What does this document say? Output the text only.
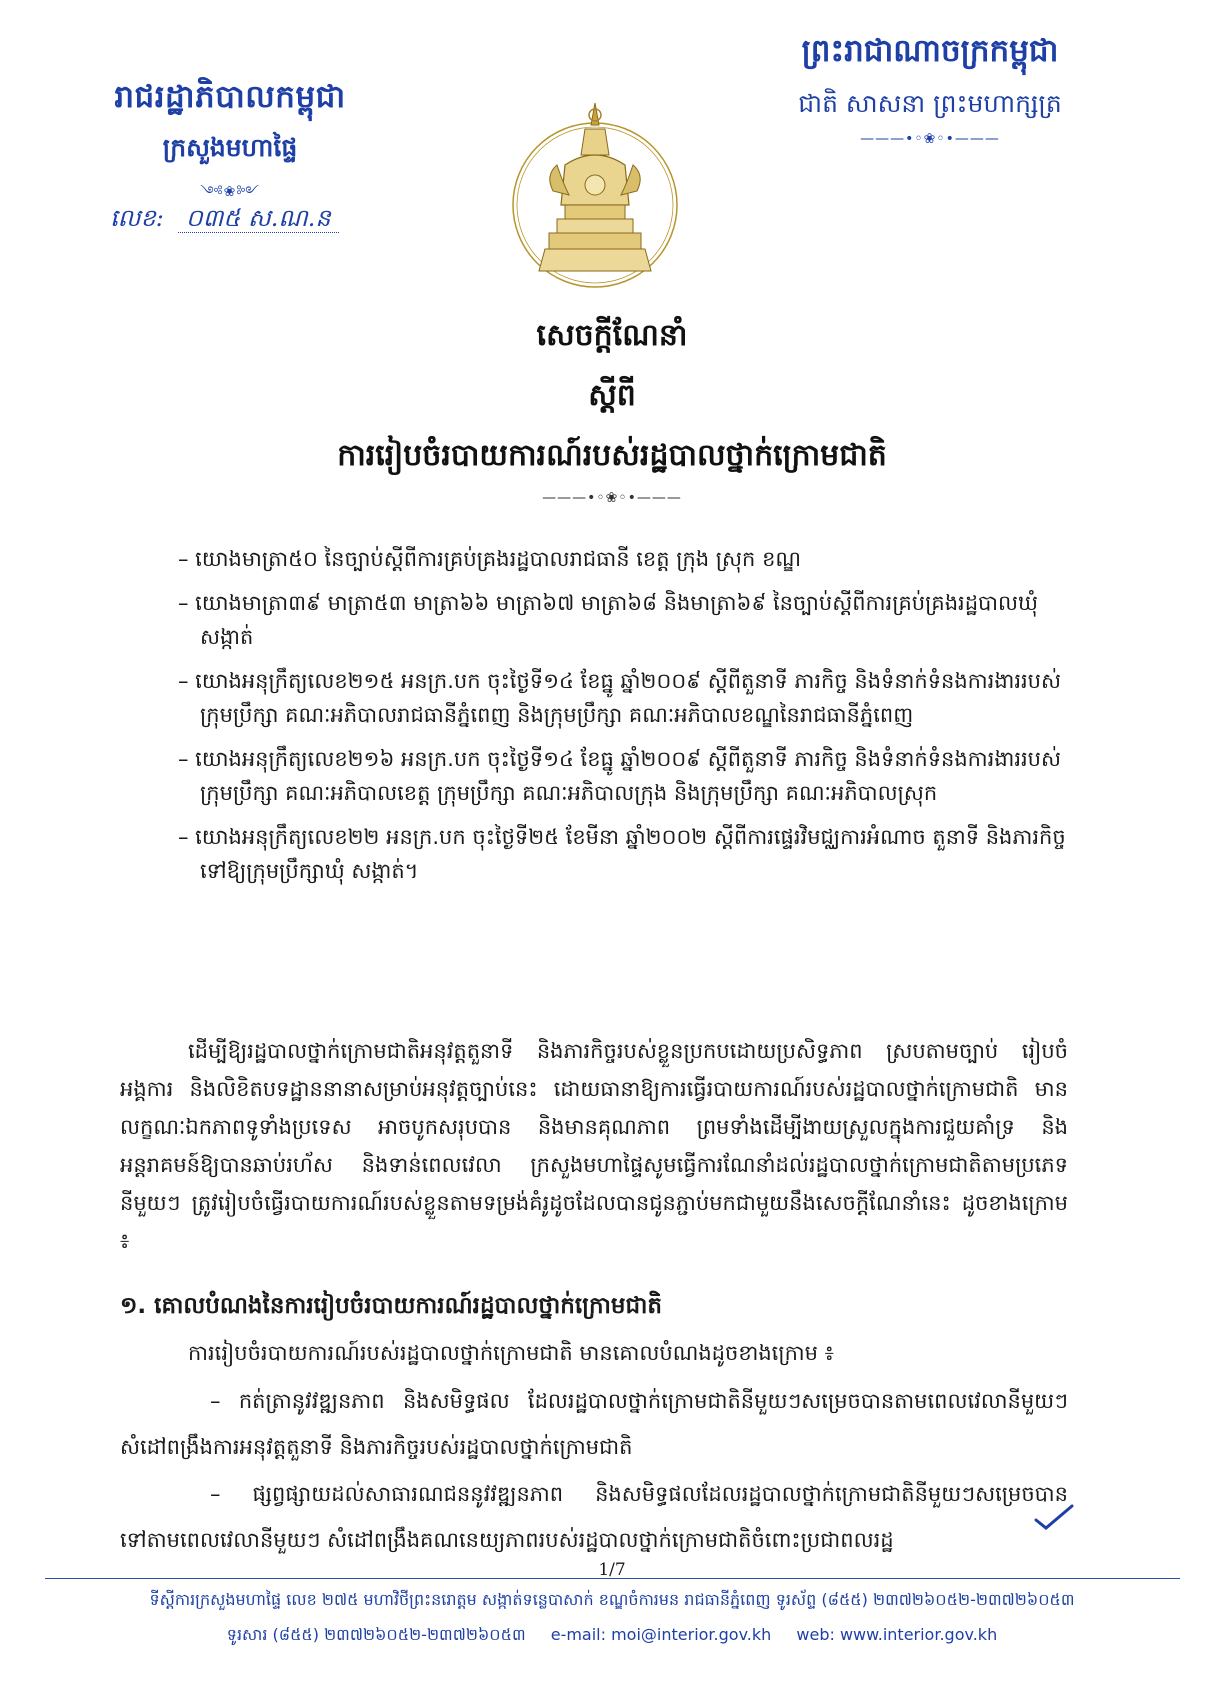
រាជរដ្ឋាភិបាលកម្ពុជា
ក្រសួងមហាផ្ទៃ
༺❀༻
លេខ: ០៣៥ ស.ណ.ន
ព្រះរាជាណាចក្រកម្ពុជា
ជាតិ សាសនា ព្រះមហាក្សត្រ
———•◦❀◦•———
សេចក្ដីណែនាំ
ស្ដីពី
ការរៀបចំរបាយការណ៍របស់រដ្ឋបាលថ្នាក់ក្រោមជាតិ
———•◦❀◦•———
– យោងមាត្រា៥០ នៃច្បាប់ស្ដីពីការគ្រប់គ្រងរដ្ឋបាលរាជធានី ខេត្ត ក្រុង ស្រុក ខណ្ឌ
– យោងមាត្រា៣៩ មាត្រា៥៣ មាត្រា៦៦ មាត្រា៦៧ មាត្រា៦៨ និងមាត្រា៦៩ នៃច្បាប់ស្ដីពីការគ្រប់គ្រងរដ្ឋបាលឃុំ សង្កាត់
– យោងអនុក្រឹត្យលេខ២១៥ អនក្រ.បក ចុះថ្ងៃទី១៤ ខែធ្នូ ឆ្នាំ២០០៩ ស្ដីពីតួនាទី ភារកិច្ច និងទំនាក់ទំនងការងាររបស់ក្រុមប្រឹក្សា គណៈអភិបាលរាជធានីភ្នំពេញ និងក្រុមប្រឹក្សា គណៈអភិបាលខណ្ឌនៃរាជធានីភ្នំពេញ
– យោងអនុក្រឹត្យលេខ២១៦ អនក្រ.បក ចុះថ្ងៃទី១៤ ខែធ្នូ ឆ្នាំ២០០៩ ស្ដីពីតួនាទី ភារកិច្ច និងទំនាក់ទំនងការងាររបស់ក្រុមប្រឹក្សា គណៈអភិបាលខេត្ត ក្រុមប្រឹក្សា គណៈអភិបាលក្រុង និងក្រុមប្រឹក្សា គណៈអភិបាលស្រុក
– យោងអនុក្រឹត្យលេខ២២ អនក្រ.បក ចុះថ្ងៃទី២៥ ខែមីនា ឆ្នាំ២០០២ ស្ដីពីការផ្ទេរវិមជ្ឈការអំណាច តួនាទី និងភារកិច្ចទៅឱ្យក្រុមប្រឹក្សាឃុំ សង្កាត់។
ដើម្បីឱ្យរដ្ឋបាលថ្នាក់ក្រោមជាតិអនុវត្តតួនាទី និងភារកិច្ចរបស់ខ្លួនប្រកបដោយប្រសិទ្ធភាព ស្របតាមច្បាប់ រៀបចំអង្គការ និងលិខិតបទដ្ឋាននានាសម្រាប់អនុវត្តច្បាប់នេះ ដោយធានាឱ្យការធ្វើរបាយការណ៍របស់រដ្ឋបាលថ្នាក់ក្រោមជាតិ មានលក្ខណៈឯកភាពទូទាំងប្រទេស អាចបូកសរុបបាន និងមានគុណភាព ព្រមទាំងដើម្បីងាយស្រួលក្នុងការជួយគាំទ្រ និងអន្តរាគមន៍ឱ្យបានឆាប់រហ័ស និងទាន់ពេលវេលា ក្រសួងមហាផ្ទៃសូមធ្វើការណែនាំដល់រដ្ឋបាលថ្នាក់ក្រោមជាតិតាមប្រភេទនីមួយៗ ត្រូវរៀបចំធ្វើរបាយការណ៍របស់ខ្លួនតាមទម្រង់គំរូដូចដែលបានជូនភ្ជាប់មកជាមួយនឹងសេចក្ដីណែនាំនេះ ដូចខាងក្រោម ៖
១. គោលបំណងនៃការរៀបចំរបាយការណ៍រដ្ឋបាលថ្នាក់ក្រោមជាតិ
ការរៀបចំរបាយការណ៍របស់រដ្ឋបាលថ្នាក់ក្រោមជាតិ មានគោលបំណងដូចខាងក្រោម ៖
– កត់ត្រានូវវឌ្ឍនភាព និងសមិទ្ធផល ដែលរដ្ឋបាលថ្នាក់ក្រោមជាតិនីមួយៗសម្រេចបានតាមពេលវេលានីមួយៗ សំដៅពង្រឹងការអនុវត្តតួនាទី និងភារកិច្ចរបស់រដ្ឋបាលថ្នាក់ក្រោមជាតិ
– ផ្សព្វផ្សាយដល់សាធារណជននូវវឌ្ឍនភាព និងសមិទ្ធផលដែលរដ្ឋបាលថ្នាក់ក្រោមជាតិនីមួយៗសម្រេចបានទៅតាមពេលវេលានីមួយៗ សំដៅពង្រឹងគណនេយ្យភាពរបស់រដ្ឋបាលថ្នាក់ក្រោមជាតិចំពោះប្រជាពលរដ្ឋ
1/7
ទីស្ដីការក្រសួងមហាផ្ទៃ លេខ ២៧៥ មហាវិថីព្រះនរោត្តម សង្កាត់ទន្លេបាសាក់ ខណ្ឌចំការមន រាជធានីភ្នំពេញ ទូរស័ព្ទ (៨៥៥) ២៣៧២៦០៥២-២៣៧២៦០៥៣
ទូរសារ (៨៥៥) ២៣៧២៦០៥២-២៣៧២៦០៥៣ e-mail: moi@interior.gov.kh web: www.interior.gov.kh
